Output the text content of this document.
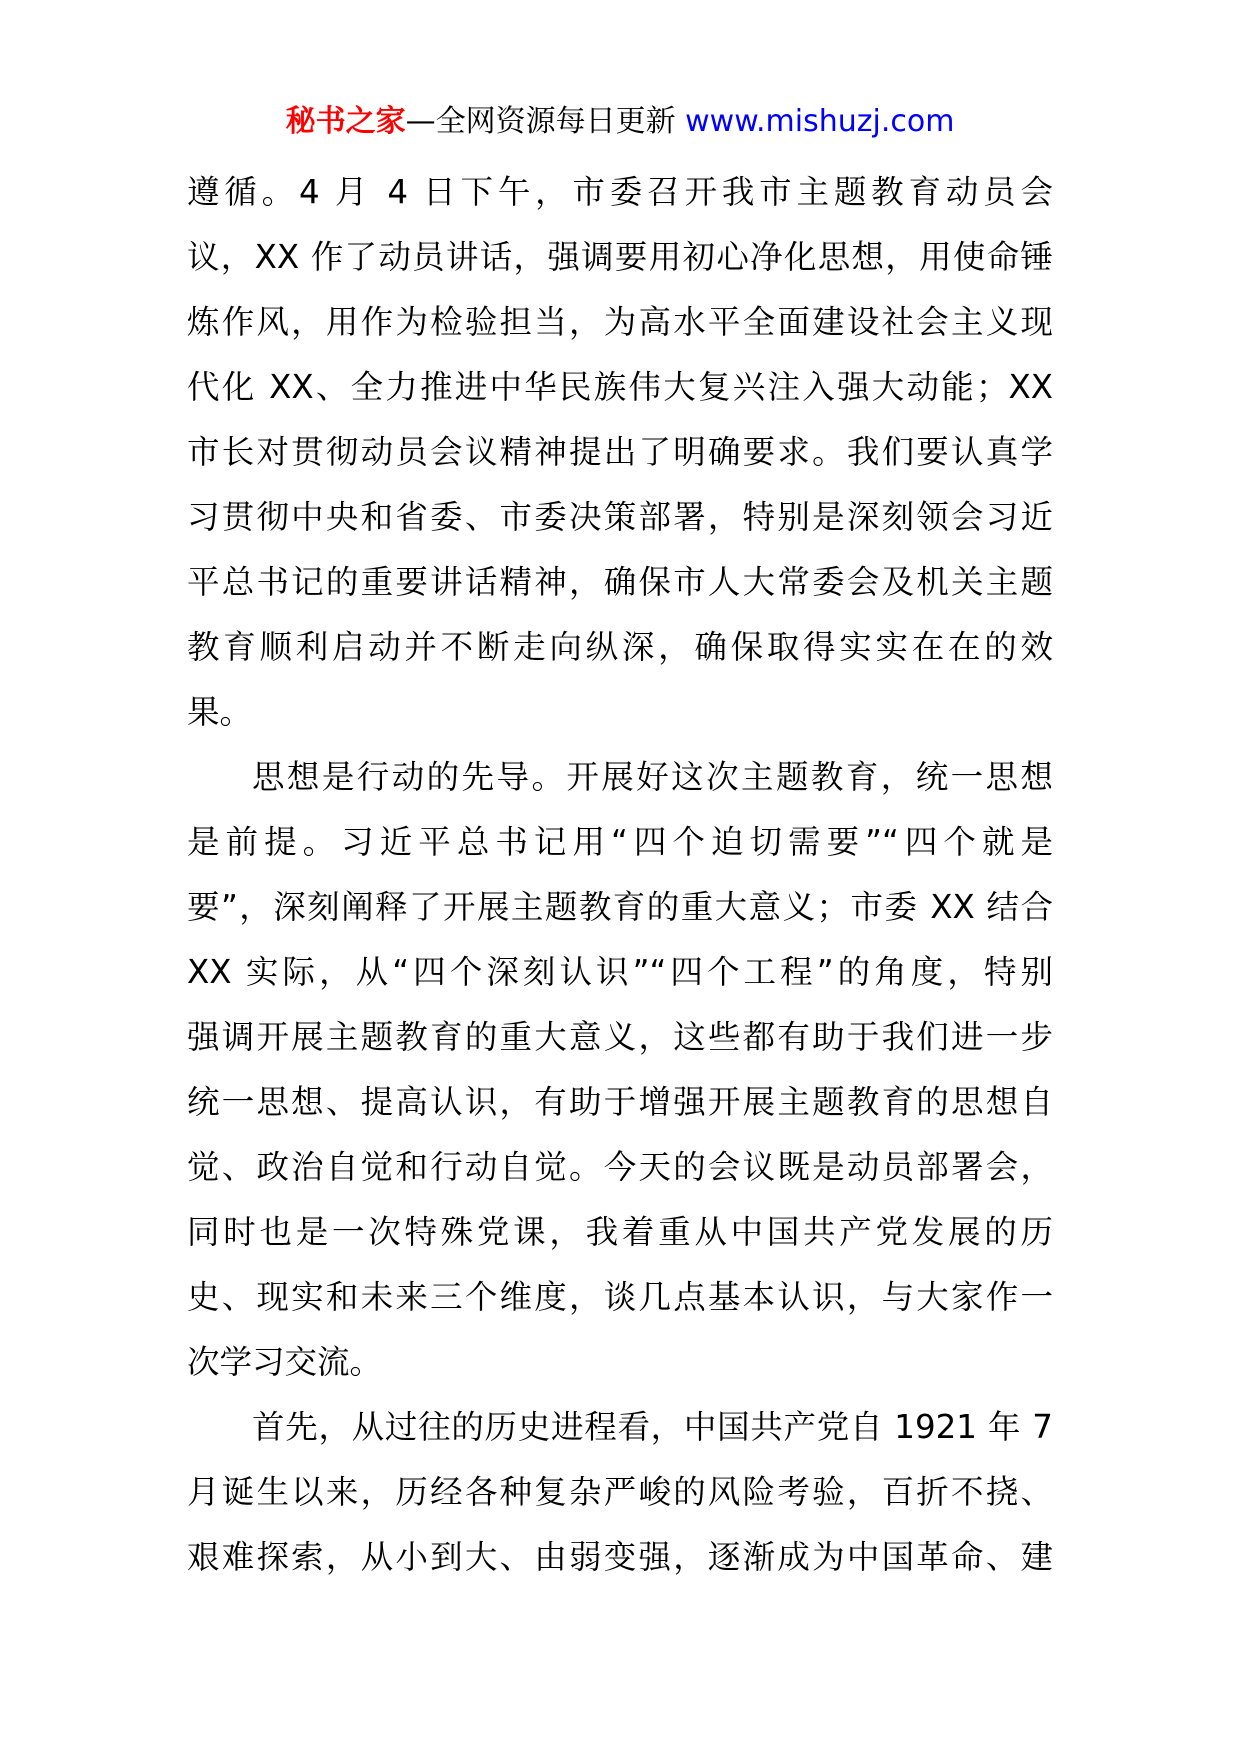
秘书之家—全网资源每日更新 www.mishuzj.com
遵循。4 月 4 日下午，市委召开我市主题教育动员会
议，XX 作了动员讲话，强调要用初心净化思想，用使命锤
炼作风，用作为检验担当，为高水平全面建设社会主义现
代化 XX、全力推进中华民族伟大复兴注入强大动能；XX
市长对贯彻动员会议精神提出了明确要求。我们要认真学
习贯彻中央和省委、市委决策部署，特别是深刻领会习近
平总书记的重要讲话精神，确保市人大常委会及机关主题
教育顺利启动并不断走向纵深，确保取得实实在在的效
果。
思想是行动的先导。开展好这次主题教育，统一思想
是前提。习近平总书记用“四个迫切需要”“四个就是
要”，深刻阐释了开展主题教育的重大意义；市委 XX 结合
XX 实际，从“四个深刻认识”“四个工程”的角度，特别
强调开展主题教育的重大意义，这些都有助于我们进一步
统一思想、提高认识，有助于增强开展主题教育的思想自
觉、政治自觉和行动自觉。今天的会议既是动员部署会，
同时也是一次特殊党课，我着重从中国共产党发展的历
史、现实和未来三个维度，谈几点基本认识，与大家作一
次学习交流。
首先，从过往的历史进程看，中国共产党自 1921 年 7
月诞生以来，历经各种复杂严峻的风险考验，百折不挠、
艰难探索，从小到大、由弱变强，逐渐成为中国革命、建
